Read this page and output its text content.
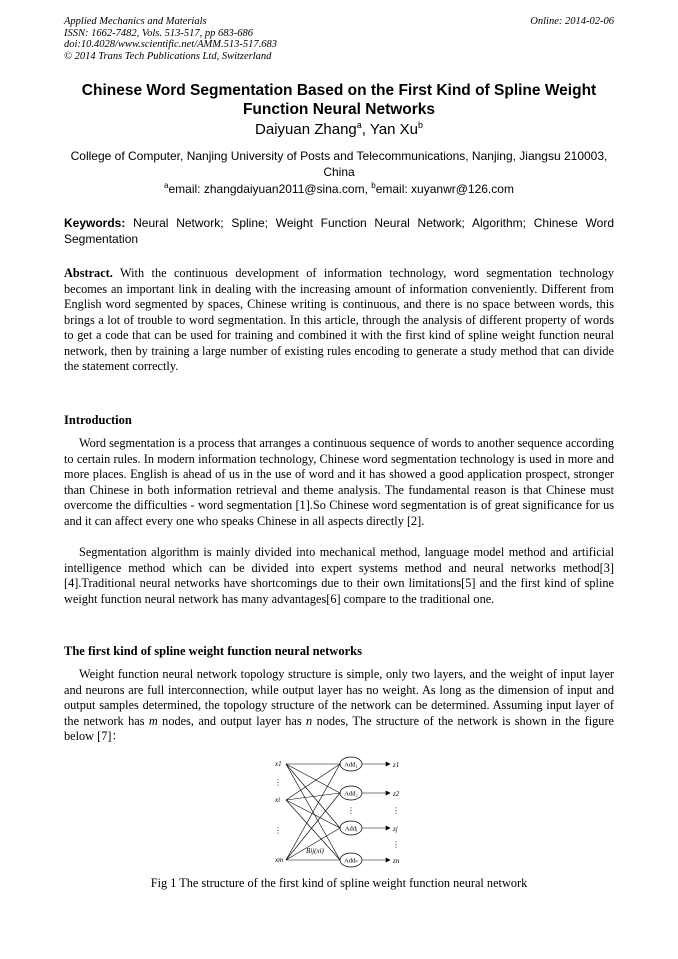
Applied Mechanics and Materials
ISSN: 1662-7482, Vols. 513-517, pp 683-686
doi:10.4028/www.scientific.net/AMM.513-517.683
© 2014 Trans Tech Publications Ltd, Switzerland
Online: 2014-02-06
Chinese Word Segmentation Based on the First Kind of Spline Weight
Function Neural Networks
Daiyuan Zhang$^a$, Yan Xu$^b$
College of Computer, Nanjing University of Posts and Telecommunications, Nanjing, Jiangsu 210003, China
$^a$email: zhangdaiyuan2011@sina.com, $^b$email: xuyanwr@126.com
Keywords: Neural Network; Spline; Weight Function Neural Network; Algorithm; Chinese Word Segmentation
Abstract. With the continuous development of information technology, word segmentation technology becomes an important link in dealing with the increasing amount of information conveniently. Different from English word segmented by spaces, Chinese writing is continuous, and there is no space between words, this brings a lot of trouble to word segmentation. In this article, through the analysis of different property of words to get a code that can be used for training and combined it with the first kind of spline weight function neural network, then by training a large number of existing rules encoding to generate a study method that can divide the statement correctly.
Introduction
Word segmentation is a process that arranges a continuous sequence of words to another sequence according to certain rules. In modern information technology, Chinese word segmentation technology is used in more and more places. English is ahead of us in the use of word and it has showed a good application prospect, stronger than Chinese in both information retrieval and theme analysis. The fundamental reason is that Chinese must overcome the difficulties - word segmentation [1].So Chinese word segmentation is of great significance for us and it can affect every one who speaks Chinese in all aspects directly [2].
Segmentation algorithm is mainly divided into mechanical method, language model method and artificial intelligence method which can be divided into expert systems method and neural networks method[3][4].Traditional neural networks have shortcomings due to their own limitations[5] and the first kind of spline weight function neural network has many advantages[6] compare to the traditional one.
The first kind of spline weight function neural networks
Weight function neural network topology structure is simple, only two layers, and the weight of input layer and neurons are full interconnection, while output layer has no weight. As long as the dimension of input and output samples determined, the topology structure of the network can be determined. Assuming input layer of the network has m nodes, and output layer has n nodes, The structure of the network is shown in the figure below [7]：
Add₁
Add₂
Addⱼ
Addₙ
x1
xi
xm
z1
z2
zj
zn
Bij(xi)
⋮
⋮
⋮	⋮
⋮
Fig 1 The structure of the first kind of spline weight function neural network
